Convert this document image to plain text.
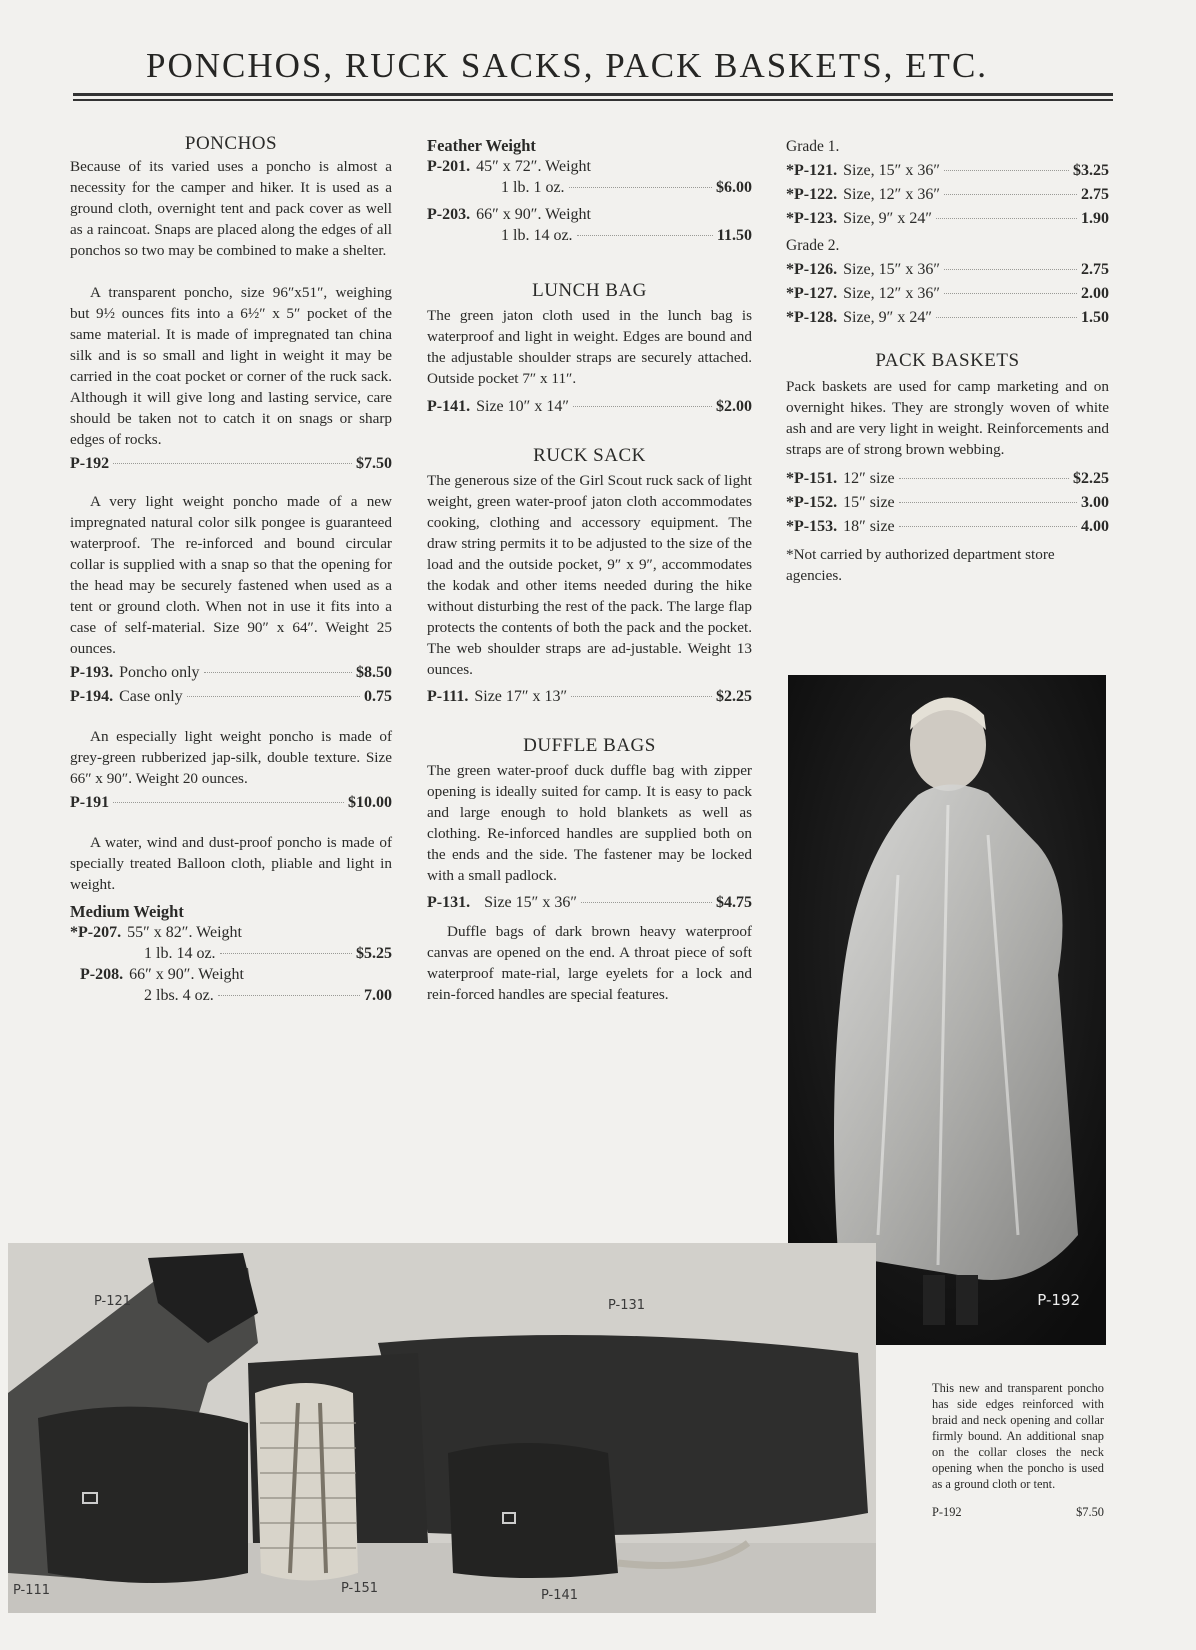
PONCHOS, RUCK SACKS, PACK BASKETS, ETC.
PONCHOS

Because of its varied uses a poncho is almost a necessity for the camper and hiker. It is used as a ground cloth, overnight tent and pack cover as well as a raincoat. Snaps are placed along the edges of all ponchos so two may be combined to make a shelter.

A transparent poncho, size 96″x51″, weighing but 9½ ounces fits into a 6½″ x 5″ pocket of the same material. It is made of impregnated tan china silk and is so small and light in weight it may be carried in the coat pocket or corner of the ruck sack. Although it will give long and lasting service, care should be taken not to catch it on snags or sharp edges of rocks.

P-192	$7.50

A very light weight poncho made of a new impregnated natural color silk pongee is guaranteed waterproof. The re-inforced and bound circular collar is supplied with a snap so that the opening for the head may be securely fastened when used as a tent or ground cloth. When not in use it fits into a case of self-material. Size 90″ x 64″. Weight 25 ounces.

P-193. Poncho only	$8.50
P-194. Case only	0.75

An especially light weight poncho is made of grey-green rubberized jap-silk, double texture. Size 66″ x 90″. Weight 20 ounces.

P-191	$10.00

A water, wind and dust-proof poncho is made of specially treated Balloon cloth, pliable and light in weight.

Medium Weight
*P-207. 55″ x 82″. Weight
1 lb. 14 oz.	$5.25
P-208. 66″ x 90″. Weight
2 lbs. 4 oz.	7.00
Feather Weight
P-201. 45″ x 72″. Weight
1 lb. 1 oz.	$6.00
P-203. 66″ x 90″. Weight
1 lb. 14 oz.	11.50
LUNCH BAG

The green jaton cloth used in the lunch bag is waterproof and light in weight. Edges are bound and the adjustable shoulder straps are securely attached. Outside pocket 7″ x 11″.

P-141. Size 10″ x 14″	$2.00
RUCK SACK

The generous size of the Girl Scout ruck sack of light weight, green water-proof jaton cloth accommodates cooking, clothing and accessory equipment. The draw string permits it to be adjusted to the size of the load and the outside pocket, 9″ x 9″, accommodates the kodak and other items needed during the hike without disturbing the rest of the pack. The large flap protects the contents of both the pack and the pocket. The web shoulder straps are ad-justable. Weight 13 ounces.

P-111. Size 17″ x 13″	$2.25
DUFFLE BAGS

The green water-proof duck duffle bag with zipper opening is ideally suited for camp. It is easy to pack and large enough to hold blankets as well as clothing. Re-inforced handles are supplied both on the ends and the side. The fastener may be locked with a small padlock.

P-131. Size 15″ x 36″	$4.75

Duffle bags of dark brown heavy waterproof canvas are opened on the end. A throat piece of soft waterproof mate-rial, large eyelets for a lock and rein-forced handles are special features.

Grade 1.

*P-121. Size, 15″ x 36″	$3.25
*P-122. Size, 12″ x 36″	2.75
*P-123. Size, 9″ x 24″	1.90

Grade 2.

*P-126. Size, 15″ x 36″	2.75
*P-127. Size, 12″ x 36″	2.00
*P-128. Size, 9″ x 24″	1.50
PACK BASKETS

Pack baskets are used for camp marketing and on overnight hikes. They are strongly woven of white ash and are very light in weight. Reinforcements and straps are of strong brown webbing.

*P-151. 12″ size	$2.25
*P-152. 15″ size	3.00
*P-153. 18″ size	4.00

*Not carried by authorized department store agencies.

P-192

This new and transparent poncho has side edges reinforced with braid and neck opening and collar firmly bound. An additional snap on the collar closes the neck opening when the poncho is used as a ground cloth or tent.

P-192	$7.50
P-121	P-131
P-111	P-151	P-141
